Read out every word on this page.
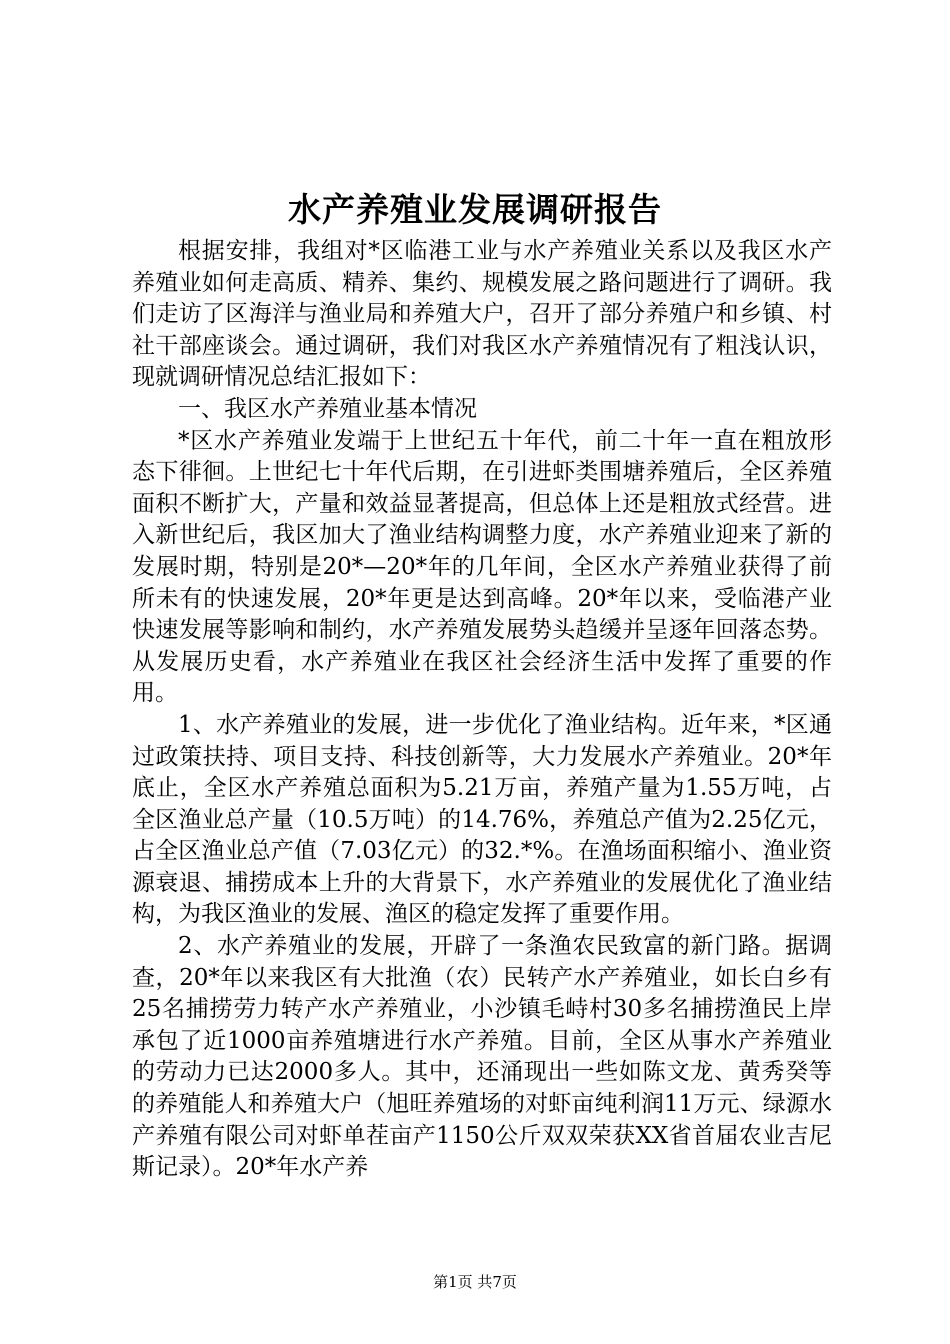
水产养殖业发展调研报告

根据安排，我组对*区临港工业与水产养殖业关系以及我区水产养殖业如何走高质、精养、集约、规模发展之路问题进行了调研。我们走访了区海洋与渔业局和养殖大户，召开了部分养殖户和乡镇、村社干部座谈会。通过调研，我们对我区水产养殖情况有了粗浅认识，现就调研情况总结汇报如下：

一、我区水产养殖业基本情况

*区水产养殖业发端于上世纪五十年代，前二十年一直在粗放形态下徘徊。上世纪七十年代后期，在引进虾类围塘养殖后，全区养殖面积不断扩大，产量和效益显著提高，但总体上还是粗放式经营。进入新世纪后，我区加大了渔业结构调整力度，水产养殖业迎来了新的发展时期，特别是20*—20*年的几年间，全区水产养殖业获得了前所未有的快速发展，20*年更是达到高峰。20*年以来，受临港产业快速发展等影响和制约，水产养殖发展势头趋缓并呈逐年回落态势。从发展历史看，水产养殖业在我区社会经济生活中发挥了重要的作用。

1、水产养殖业的发展，进一步优化了渔业结构。近年来，*区通过政策扶持、项目支持、科技创新等，大力发展水产养殖业。20*年底止，全区水产养殖总面积为5.21万亩，养殖产量为1.55万吨，占全区渔业总产量（10.5万吨）的14.76%，养殖总产值为2.25亿元，占全区渔业总产值（7.03亿元）的32.*%。在渔场面积缩小、渔业资源衰退、捕捞成本上升的大背景下，水产养殖业的发展优化了渔业结构，为我区渔业的发展、渔区的稳定发挥了重要作用。

2、水产养殖业的发展，开辟了一条渔农民致富的新门路。据调查，20*年以来我区有大批渔（农）民转产水产养殖业，如长白乡有25名捕捞劳力转产水产养殖业，小沙镇毛峙村30多名捕捞渔民上岸承包了近1000亩养殖塘进行水产养殖。目前，全区从事水产养殖业的劳动力已达2000多人。其中，还涌现出一些如陈文龙、黄秀癸等的养殖能人和养殖大户（旭旺养殖场的对虾亩纯利润11万元、绿源水产养殖有限公司对虾单茬亩产1150公斤双双荣获XX省首届农业吉尼斯记录）。20*年水产养

第1页 共7页
